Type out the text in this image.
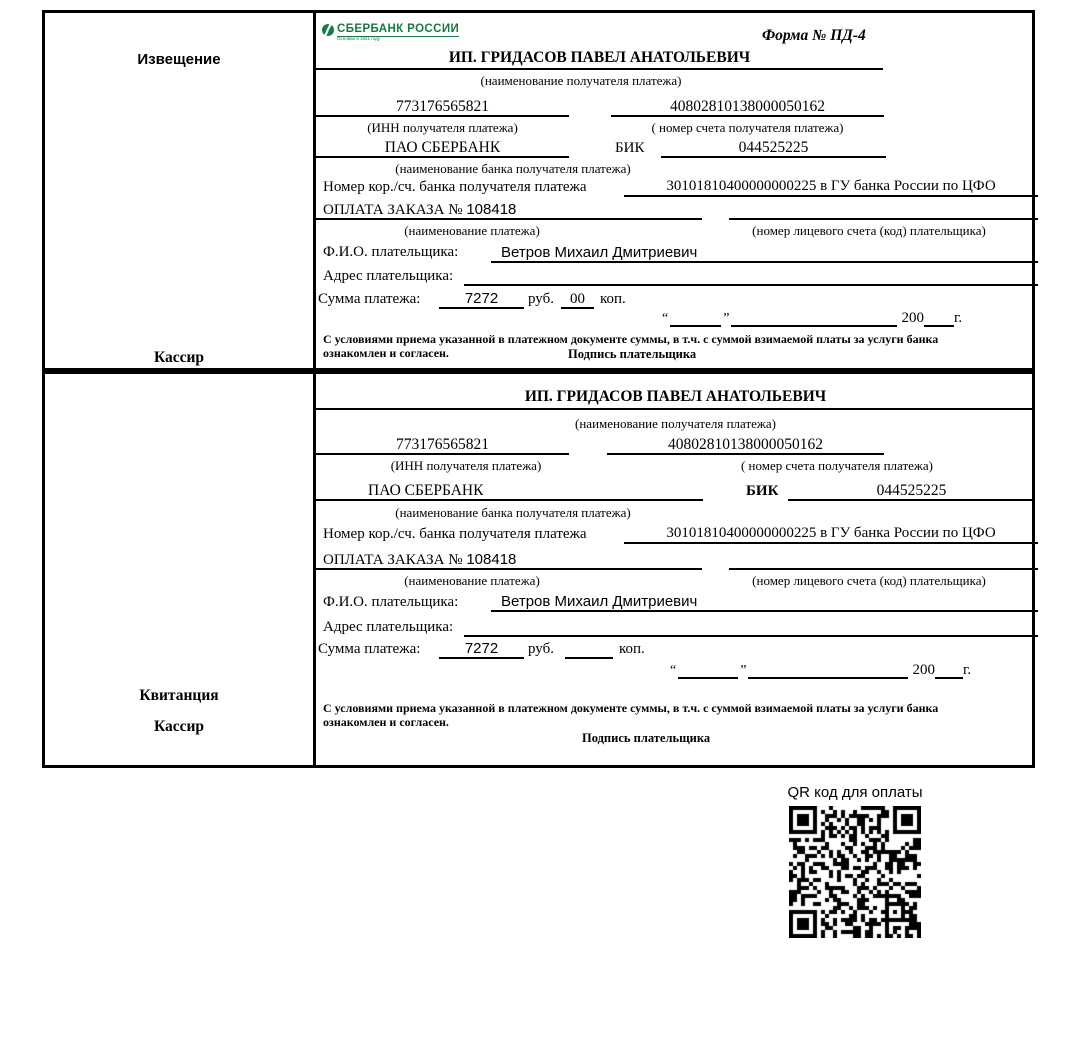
Извещение
Кассир
СБЕРБАНК РОССИИ
Основан в 1841 году	Форма № ПД-4
ИП. ГРИДАСОВ ПАВЕЛ АНАТОЛЬЕВИЧ
(наименование получателя платежа)
773176565821	40802810138000050162
(ИНН получателя платежа)	( номер счета получателя платежа)
ПАО СБЕРБАНК	БИК	044525225
(наименование банка получателя платежа)
Номер кор./сч. банка получателя платежа	30101810400000000225 в ГУ банка России по ЦФО
ОПЛАТА ЗАКАЗА № 108418
(наименование платежа)	(номер лицевого счета (код) плательщика)
Ф.И.О. плательщика:	Ветров Михаил Дмитриевич
Адрес плательщика:
Сумма платежа:	7272	руб.	00	коп.
“	”	200 г.
С условиями приема указанной в платежном документе суммы, в т.ч. с суммой взимаемой платы за услуги банка
ознакомлен и согласен.	Подпись плательщика
Квитанция
Кассир
ИП. ГРИДАСОВ ПАВЕЛ АНАТОЛЬЕВИЧ
(наименование получателя платежа)
773176565821	40802810138000050162
(ИНН получателя платежа)	( номер счета получателя платежа)
ПАО СБЕРБАНК	БИК	044525225
(наименование банка получателя платежа)
Номер кор./сч. банка получателя платежа	30101810400000000225 в ГУ банка России по ЦФО
ОПЛАТА ЗАКАЗА № 108418
(наименование платежа)	(номер лицевого счета (код) плательщика)
Ф.И.О. плательщика:	Ветров Михаил Дмитриевич
Адрес плательщика:
Сумма платежа:	7272	руб.	коп.
“	”	200 г.
С условиями приема указанной в платежном документе суммы, в т.ч. с суммой взимаемой платы за услуги банка
ознакомлен и согласен.
Подпись плательщика
QR код для оплаты
